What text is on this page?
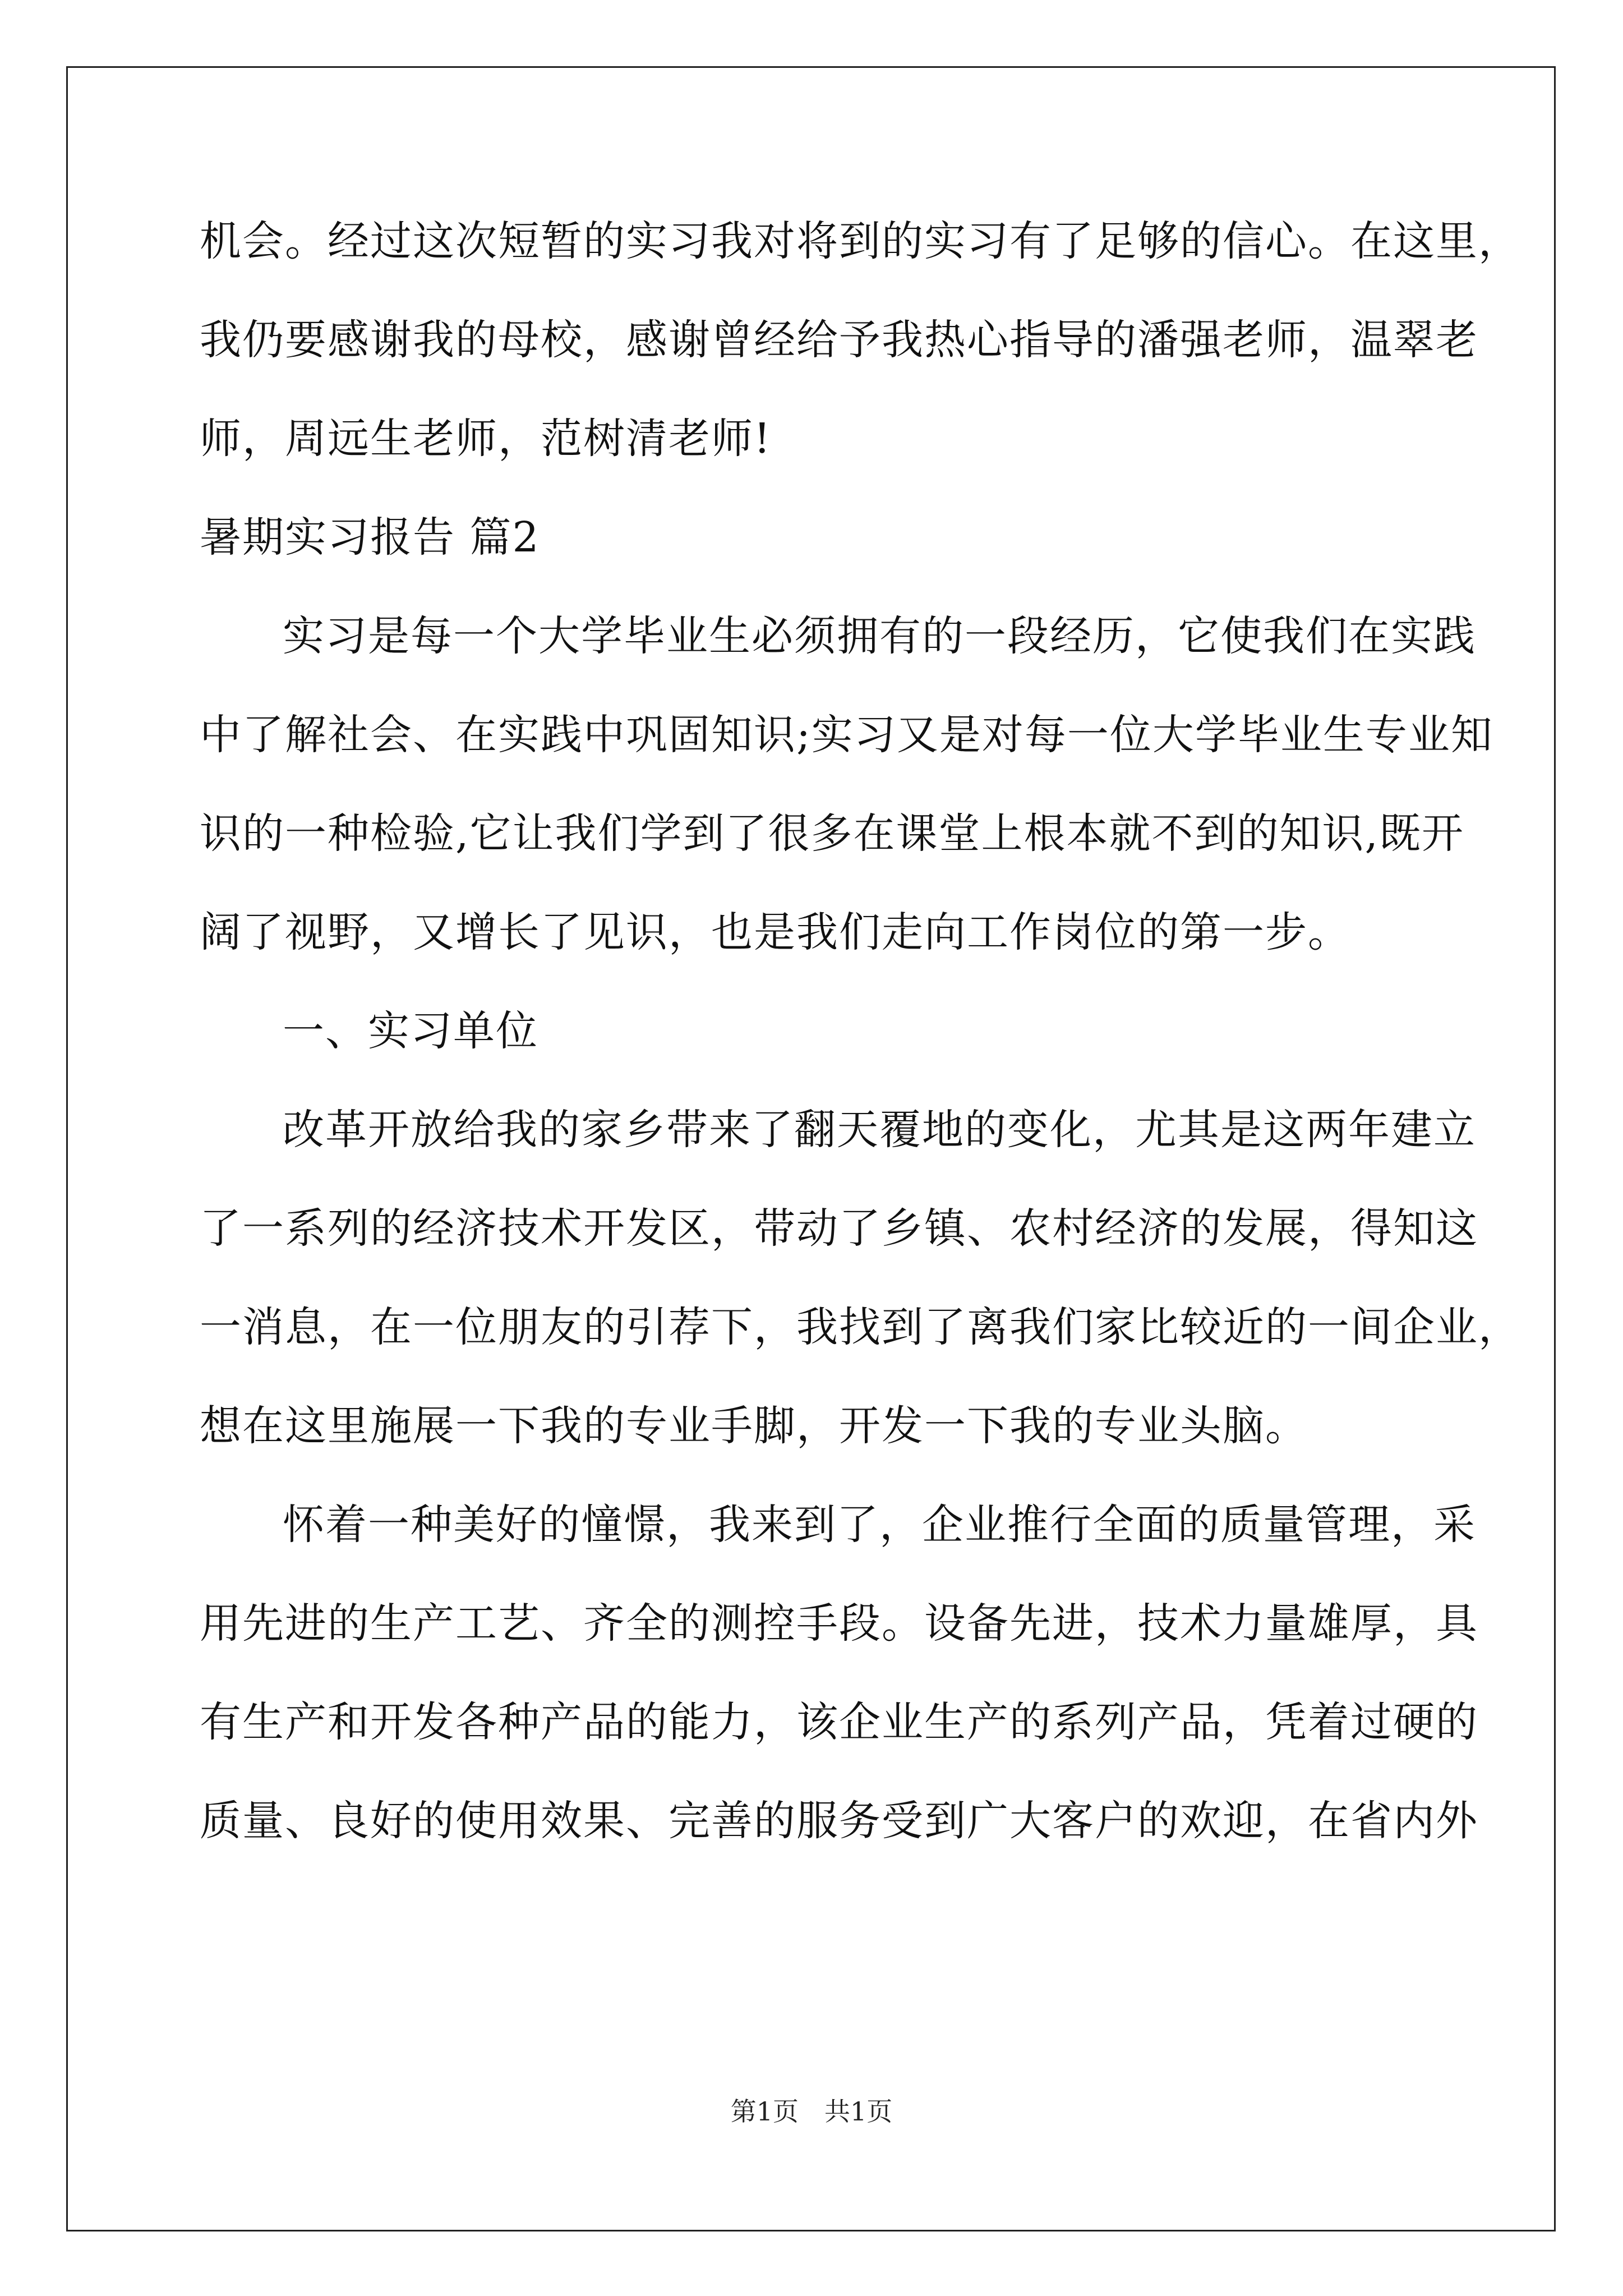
机会。经过这次短暂的实习我对将到的实习有了足够的信心。在这里，
我仍要感谢我的母校，感谢曾经给予我热心指导的潘强老师，温翠老
师，周远生老师，范树清老师!
暑期实习报告 篇2
实习是每一个大学毕业生必须拥有的一段经历，它使我们在实践
中了解社会、在实践中巩固知识;实习又是对每一位大学毕业生专业知
识的一种检验,它让我们学到了很多在课堂上根本就不到的知识,既开
阔了视野，又增长了见识，也是我们走向工作岗位的第一步。
一、实习单位
改革开放给我的家乡带来了翻天覆地的变化，尤其是这两年建立
了一系列的经济技术开发区，带动了乡镇、农村经济的发展，得知这
一消息，在一位朋友的引荐下，我找到了离我们家比较近的一间企业，
想在这里施展一下我的专业手脚，开发一下我的专业头脑。
怀着一种美好的憧憬，我来到了，企业推行全面的质量管理，采
用先进的生产工艺、齐全的测控手段。设备先进，技术力量雄厚，具
有生产和开发各种产品的能力，该企业生产的系列产品，凭着过硬的
质量、良好的使用效果、完善的服务受到广大客户的欢迎，在省内外
第1页　共1页
